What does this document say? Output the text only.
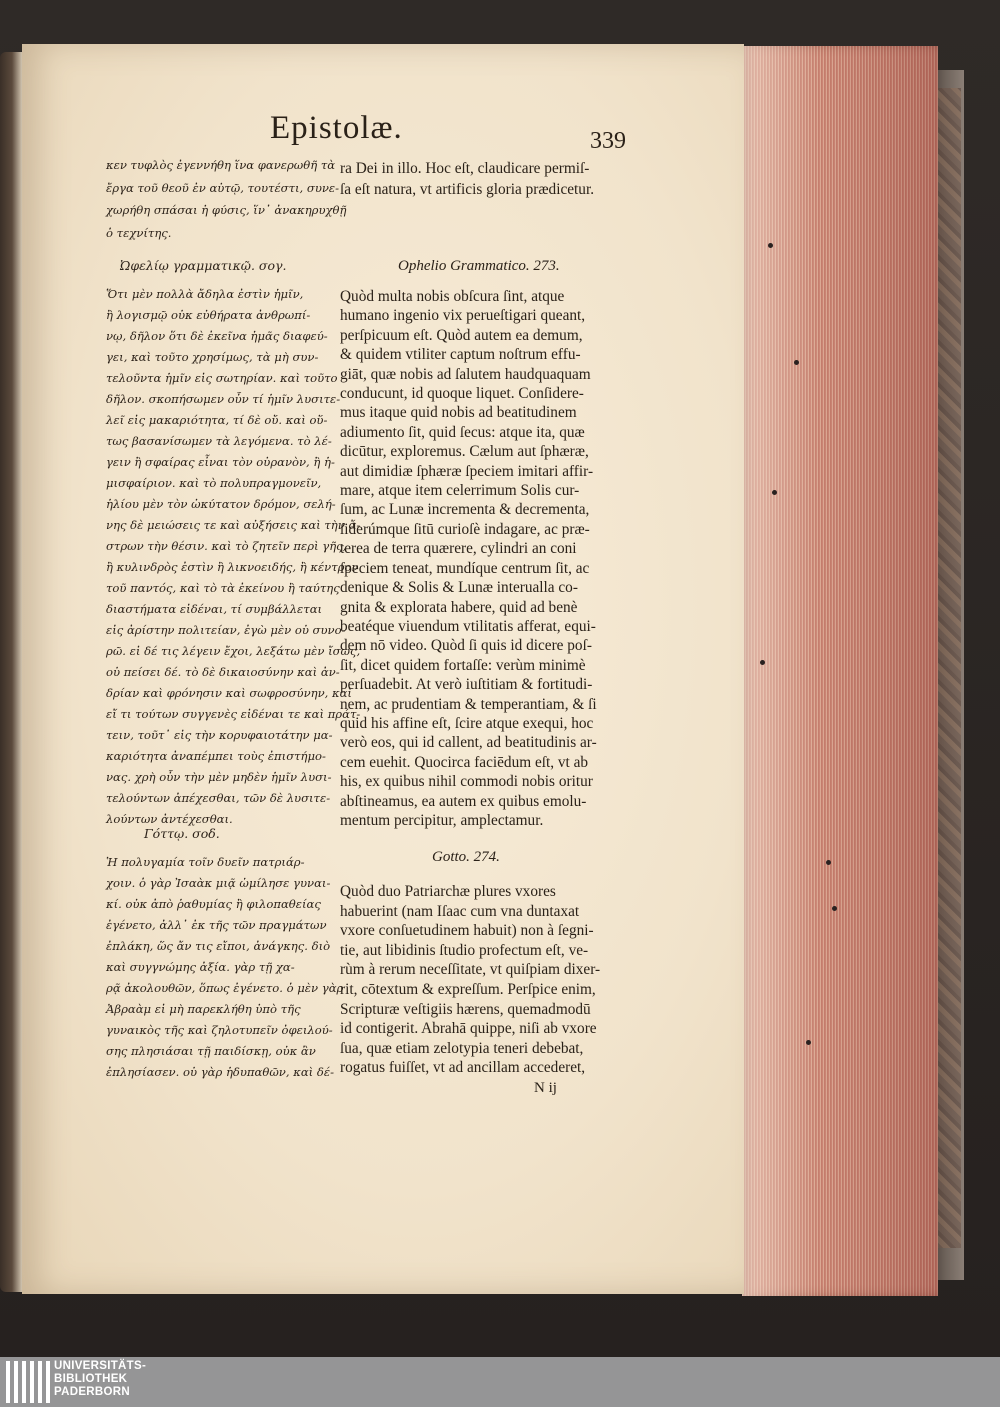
Epistolæ.	339
κεν τυφλὸς ἐγεννήθη ἵνα φανερωθῆ τὰ
ἔργα τοῦ θεοῦ ἐν αὐτῷ, τουτέστι, συνε-
χωρήθη σπάσαι ἡ φύσις, ἵν᾽ ἀνακηρυχθῇ
ὁ τεχνίτης.
Ὠφελίῳ γραμματικῷ. σογ.
Ὅτι μὲν πολλὰ ἄδηλα ἐστὶν ἡμῖν,
ἢ λογισμῷ οὐκ εὐθήρατα ἀνθρωπί-
νῳ, δῆλον ὅτι δὲ ἐκεῖνα ἡμᾶς διαφεύ-
γει, καὶ τοῦτο χρησίμως, τὰ μὴ συν-
τελοῦντα ἡμῖν εἰς σωτηρίαν. καὶ τοῦτο
δῆλον. σκοπήσωμεν οὖν τί ἡμῖν λυσιτε-
λεῖ εἰς μακαριότητα, τί δὲ οὔ. καὶ οὕ-
τως βασανίσωμεν τὰ λεγόμενα. τὸ λέ-
γειν ἢ σφαίρας εἶναι τὸν οὐρανὸν, ἢ ἡ-
μισφαίριον. καὶ τὸ πολυπραγμονεῖν,
ἡλίου μὲν τὸν ὠκύτατον δρόμον, σελή-
νης δὲ μειώσεις τε καὶ αὐξήσεις καὶ τὴν ἄ-
στρων τὴν θέσιν. καὶ τὸ ζητεῖν περὶ γῆς,
ἢ κυλινδρὸς ἐστὶν ἢ λικνοειδής, ἢ κέντρον
τοῦ παντός, καὶ τὸ τὰ ἐκείνου ἢ ταύτης
διαστήματα εἰδέναι, τί συμβάλλεται
εἰς ἀρίστην πολιτείαν, ἐγὼ μὲν οὐ συνο-
ρῶ. εἰ δέ τις λέγειν ἔχοι, λεξάτω μὲν ἴσως,
οὐ πείσει δέ. τὸ δὲ δικαιοσύνην καὶ ἀν-
δρίαν καὶ φρόνησιν καὶ σωφροσύνην, καὶ
εἴ τι τούτων συγγενὲς εἰδέναι τε καὶ πράτ-
τειν, τοῦτ᾽ εἰς τὴν κορυφαιοτάτην μα-
καριότητα ἀναπέμπει τοὺς ἐπιστήμο-
νας. χρὴ οὖν τὴν μὲν μηδὲν ἡμῖν λυσι-
τελούντων ἀπέχεσθαι, τῶν δὲ λυσιτε-
λούντων ἀντέχεσθαι.
Γόττῳ. σοδ.
Ἡ πολυγαμία τοῖν δυεῖν πατριάρ-
χοιν. ὁ γὰρ Ἰσαὰκ μιᾷ ὡμίλησε γυναι-
κί. οὐκ ἀπὸ ῥαθυμίας ἢ φιλοπαθείας
ἐγένετο, ἀλλ᾽ ἐκ τῆς τῶν πραγμάτων
ἐπλάκη, ὥς ἄν τις εἴποι, ἀνάγκης. διὸ
καὶ συγγνώμης ἀξία. γὰρ τῇ χα-
ρᾷ ἀκολουθῶν, ὅπως ἐγένετο. ὁ μὲν γὰρ
Ἀβραὰμ εἰ μὴ παρεκλήθη ὑπὸ τῆς
γυναικὸς τῆς καὶ ζηλοτυπεῖν ὀφειλού-
σης πλησιάσαι τῇ παιδίσκῃ, οὐκ ἂν
ἐπλησίασεν. οὐ γὰρ ἡδυπαθῶν, καὶ δέ-
ra Dei in illo. Hoc eſt, claudicare permiſ-
ſa eſt natura, vt artificis gloria prædicetur.
Ophelio Grammatico. 273.
Quòd multa nobis obſcura ſint, atque
humano ingenio vix perueſtigari queant,
perſpicuum eſt. Quòd autem ea demum,
& quidem vtiliter captum noſtrum effu-
giāt, quæ nobis ad ſalutem haudquaquam
conducunt, id quoque liquet. Conſidere-
mus itaque quid nobis ad beatitudinem
adiumento ſit, quid ſecus: atque ita, quæ
dicūtur, exploremus. Cælum aut ſphæræ,
aut dimidiæ ſphæræ ſpeciem imitari affir-
mare, atque item celerrimum Solis cur-
ſum, ac Lunæ incrementa & decrementa,
ſiderúmque ſitū curioſè indagare, ac præ-
terea de terra quærere, cylindri an coni
ſpeciem teneat, mundíque centrum ſit, ac
denique & Solis & Lunæ interualla co-
gnita & explorata habere, quid ad benè
beatéque viuendum vtilitatis afferat, equi-
dem nō video. Quòd ſi quis id dicere poſ-
ſit, dicet quidem fortaſſe: verùm minimè
perſuadebit. At verò iuſtitiam & fortitudi-
nem, ac prudentiam & temperantiam, & ſi
quid his affine eſt, ſcire atque exequi, hoc
verò eos, qui id callent, ad beatitudinis ar-
cem euehit. Quocirca faciēdum eſt, vt ab
his, ex quibus nihil commodi nobis oritur
abſtineamus, ea autem ex quibus emolu-
mentum percipitur, amplectamur.
Gotto. 274.
Quòd duo Patriarchæ plures vxores
habuerint (nam Iſaac cum vna duntaxat
vxore conſuetudinem habuit) non à ſegni-
tie, aut libidinis ſtudio profectum eſt, ve-
rùm à rerum neceſſitate, vt quiſpiam dixer-
rit, cōtextum & expreſſum. Perſpice enim,
Scripturæ veſtigiis hærens, quemadmodū
id contigerit. Abrahā quippe, niſi ab vxore
ſua, quæ etiam zelotypia teneri debebat,
rogatus fuiſſet, vt ad ancillam accederet,
N ij
UNIVERSITÄTS-
BIBLIOTHEK
PADERBORN
